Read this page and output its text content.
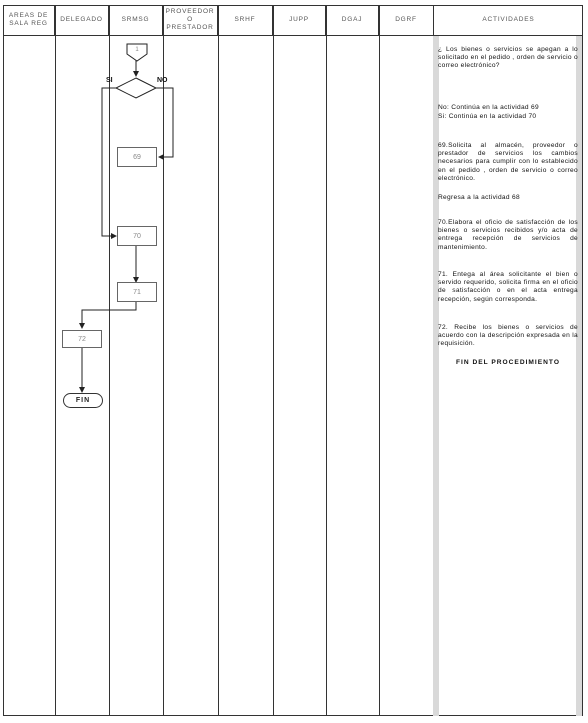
AREAS DE SALA REG
DELEGADO	SRMSG
PROVEEDOR O PRESTADOR
SRHF	JUPP	DGAJ	DGRF	ACTIVIDADES
1
SI	NO
69
70
71
72
FIN
¿ Los bienes o servicios se apegan a lo solicitado en el pedido , orden de servicio o correo electrónico?
No: Continúa en la actividad 69
Si: Continúa en la actividad 70
69.Solicita al almacén, proveedor o prestador de servicios los cambios necesarios para cumplir con lo establecido en el pedido , orden de servicio o correo electrónico.
Regresa a la actividad 68
70.Elabora el oficio de satisfacción de los bienes o servicios recibidos y/o acta de entrega recepción de servicios de mantenimiento.
71. Entega al área solicitante el bien o servido requerido, solicita firma en el oficio de satisfacción o en el acta entrega recepción, según corresponda.
72. Recibe los bienes o servicios de acuerdo con la descripción expresada en la requisición.
FIN DEL PROCEDIMIENTO
